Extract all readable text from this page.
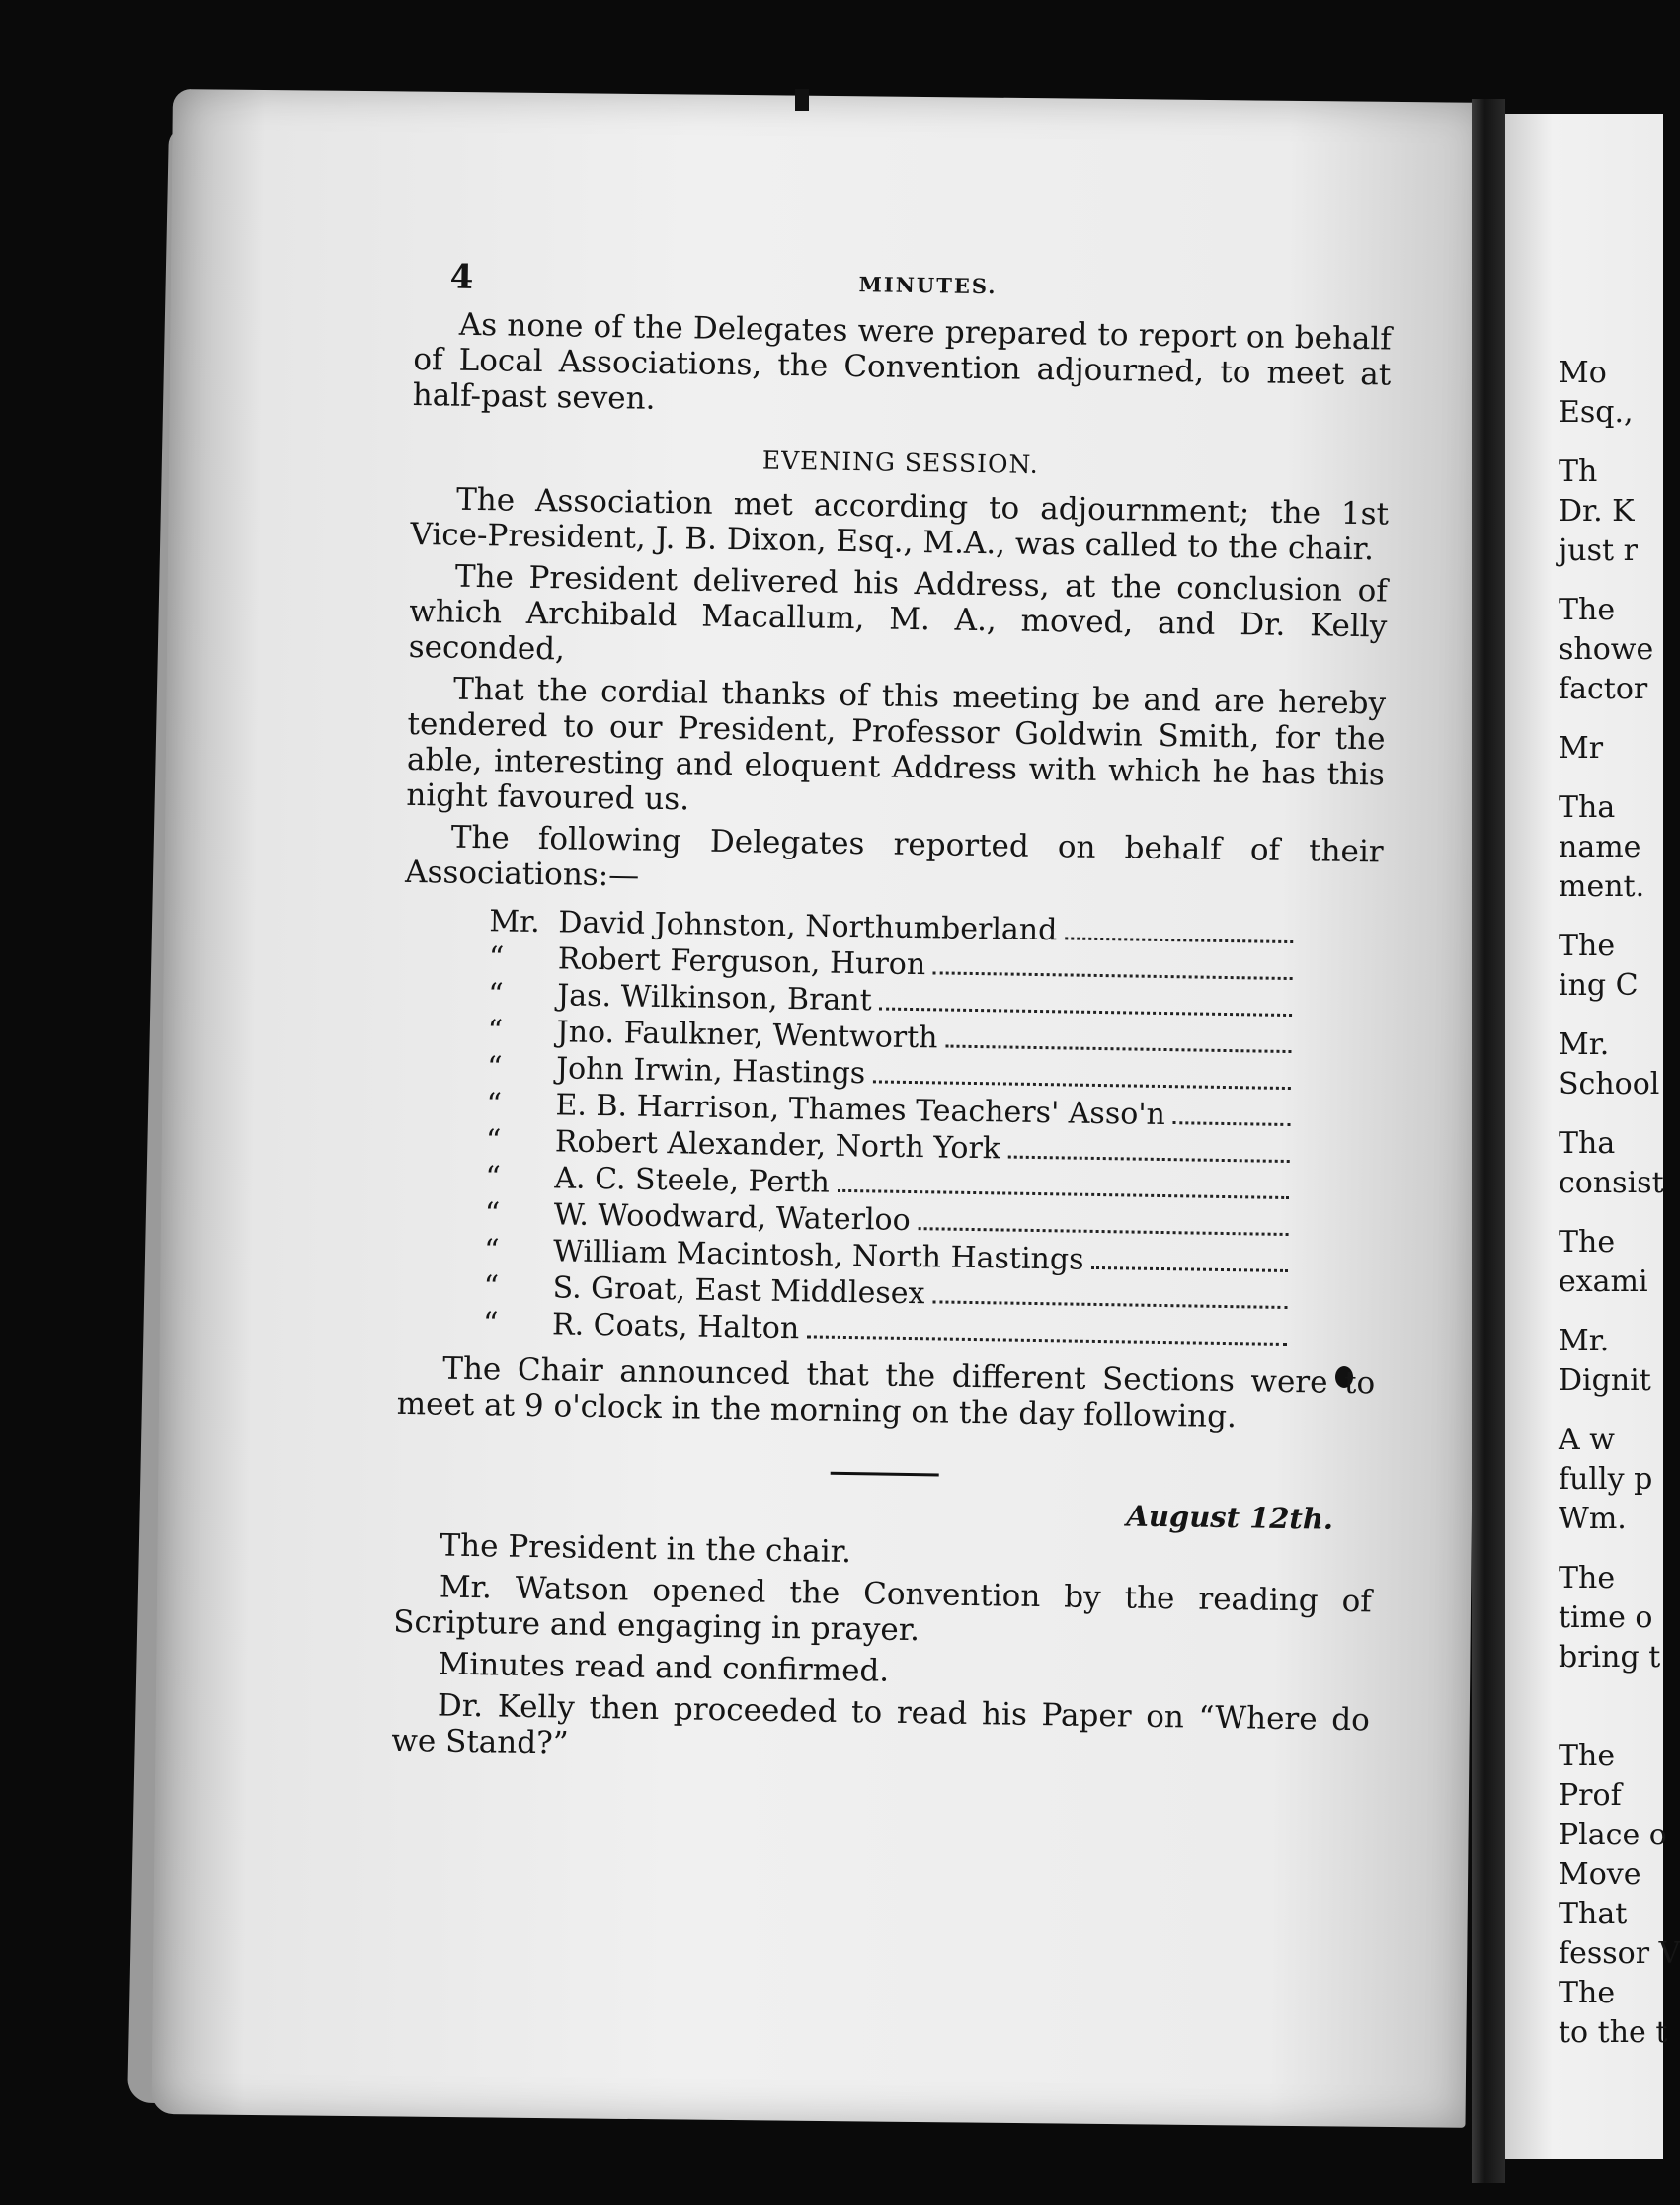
4	MINUTES.

As none of the Delegates were prepared to report on behalf of Local Associations, the Convention adjourned, to meet at half-past seven.

EVENING SESSION.

The Association met according to adjournment; the 1st Vice-President, J. B. Dixon, Esq., M.A., was called to the chair.

The President delivered his Address, at the conclusion of which Archibald Macallum, M. A., moved, and Dr. Kelly seconded,

That the cordial thanks of this meeting be and are hereby tendered to our President, Professor Goldwin Smith, for the able, interesting and eloquent Address with which he has this night favoured us.

The following Delegates reported on behalf of their Associations:—

Mr. David Johnston, Northumberland
“	Robert Ferguson, Huron
“	Jas. Wilkinson, Brant
“	Jno. Faulkner, Wentworth
“	John Irwin, Hastings
“	E. B. Harrison, Thames Teachers' Asso'n
“	Robert Alexander, North York
“	A. C. Steele, Perth
“	W. Woodward, Waterloo
“	William Macintosh, North Hastings
“	S. Groat, East Middlesex
“	R. Coats, Halton

The Chair announced that the different Sections were to meet at 9 o'clock in the morning on the day following.

August 12th.

The President in the chair.

Mr. Watson opened the Convention by the reading of Scripture and engaging in prayer.

Minutes read and confirmed.

Dr. Kelly then proceeded to read his Paper on “Where do we Stand?”

Mo
Esq.,
Th
Dr. K
just r
The
showe
factor
Mr
Tha
name
ment.
The
ing C
Mr.
School
Tha
consist
The
exami
Mr.
Dignit
A w
fully p
Wm.
The
time o
bring t
The
Prof
Place o
Move
That
fessor V
The
to the t
